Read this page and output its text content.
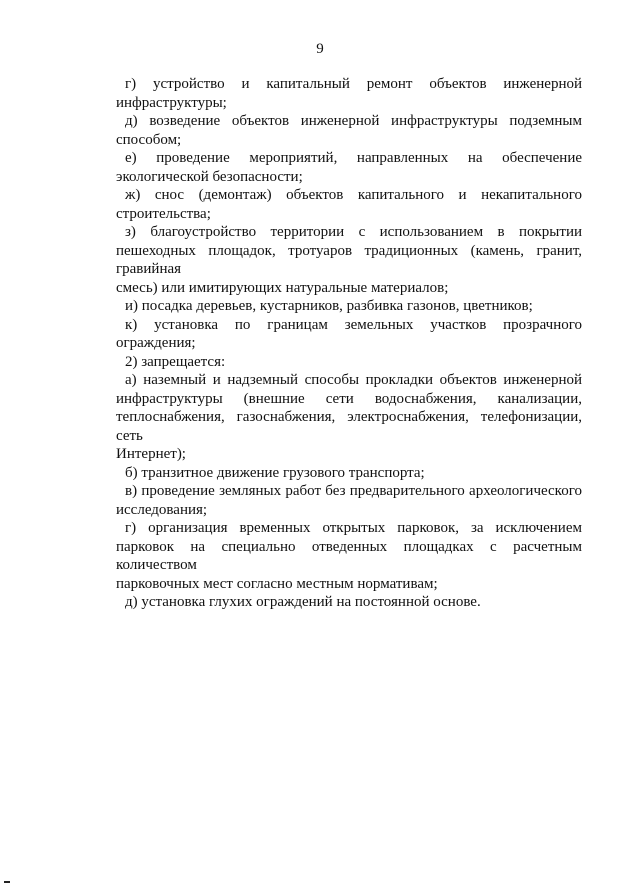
9
г) устройство и капитальный ремонт объектов инженерной
инфраструктуры;
д) возведение объектов инженерной инфраструктуры подземным
способом;
е) проведение мероприятий, направленных на обеспечение
экологической безопасности;
ж) снос (демонтаж) объектов капитального и некапитального
строительства;
з) благоустройство территории с использованием в покрытии
пешеходных площадок, тротуаров традиционных (камень, гранит, гравийная
смесь) или имитирующих натуральные материалов;
и) посадка деревьев, кустарников, разбивка газонов, цветников;
к) установка по границам земельных участков прозрачного
ограждения;
2) запрещается:
а) наземный и надземный способы прокладки объектов инженерной
инфраструктуры (внешние сети водоснабжения, канализации,
теплоснабжения, газоснабжения, электроснабжения, телефонизации, сеть
Интернет);
б) транзитное движение грузового транспорта;
в) проведение земляных работ без предварительного археологического
исследования;
г) организация временных открытых парковок, за исключением
парковок на специально отведенных площадках с расчетным количеством
парковочных мест согласно местным нормативам;
д) установка глухих ограждений на постоянной основе.
